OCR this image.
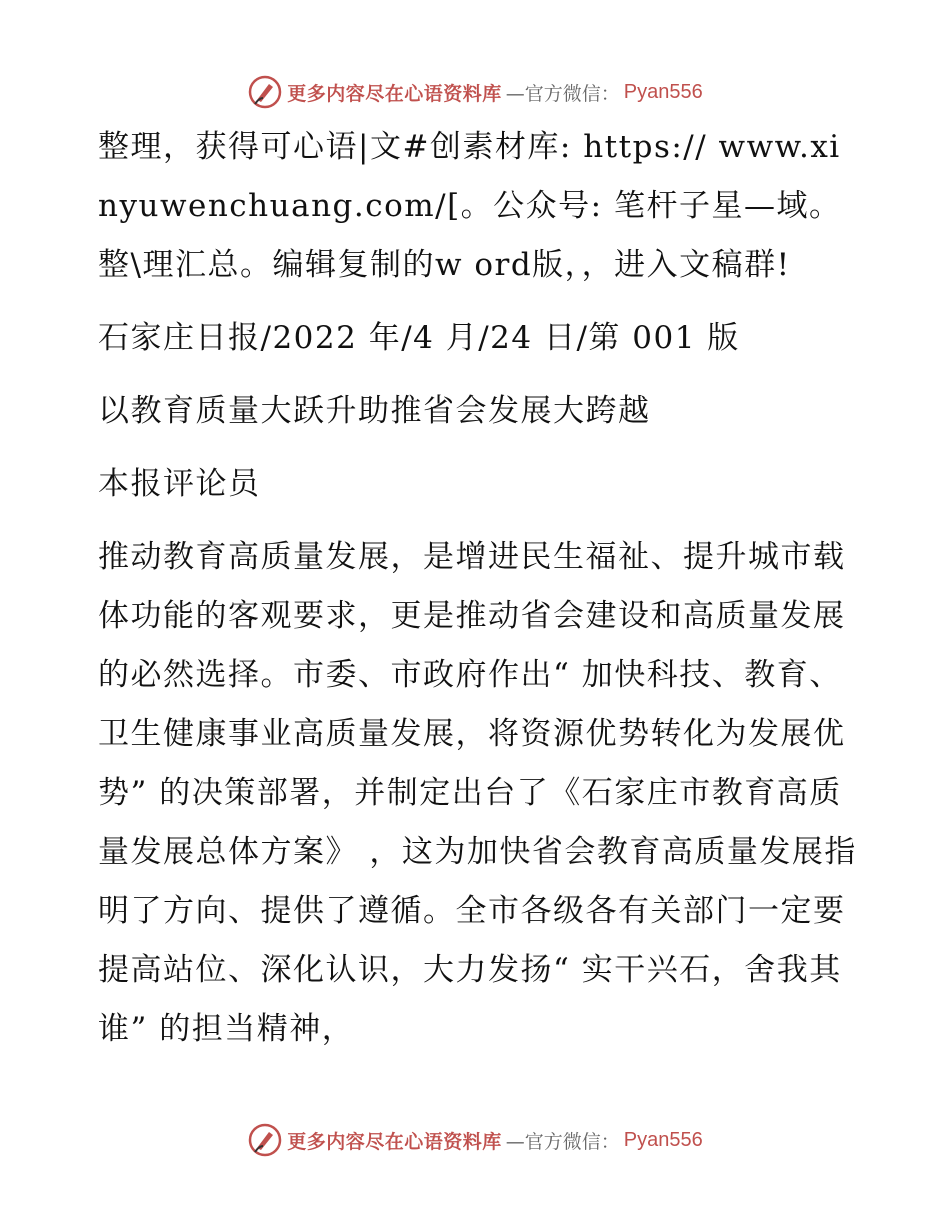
更多内容尽在心语资料库 —官方微信： Pyan556

整理，获得可心语|文#创素材库: https:// www.xinyuwenchuang.com/[。公众号: 笔杆子星—域。整\理汇总。编辑复制的w ord版，，进入文稿群!

石家庄日报/2022 年/4 月/24 日/第 001 版

以教育质量大跃升助推省会发展大跨越

本报评论员

推动教育高质量发展，是增进民生福祉、提升城市载体功能的客观要求，更是推动省会建设和高质量发展的必然选择。市委、市政府作出“ 加快科技、教育、卫生健康事业高质量发展，将资源优势转化为发展优势” 的决策部署，并制定出台了《石家庄市教育高质量发展总体方案》 ，这为加快省会教育高质量发展指明了方向、提供了遵循。全市各级各有关部门一定要提高站位、深化认识，大力发扬“ 实干兴石，舍我其谁” 的担当精神，

更多内容尽在心语资料库 —官方微信： Pyan556
